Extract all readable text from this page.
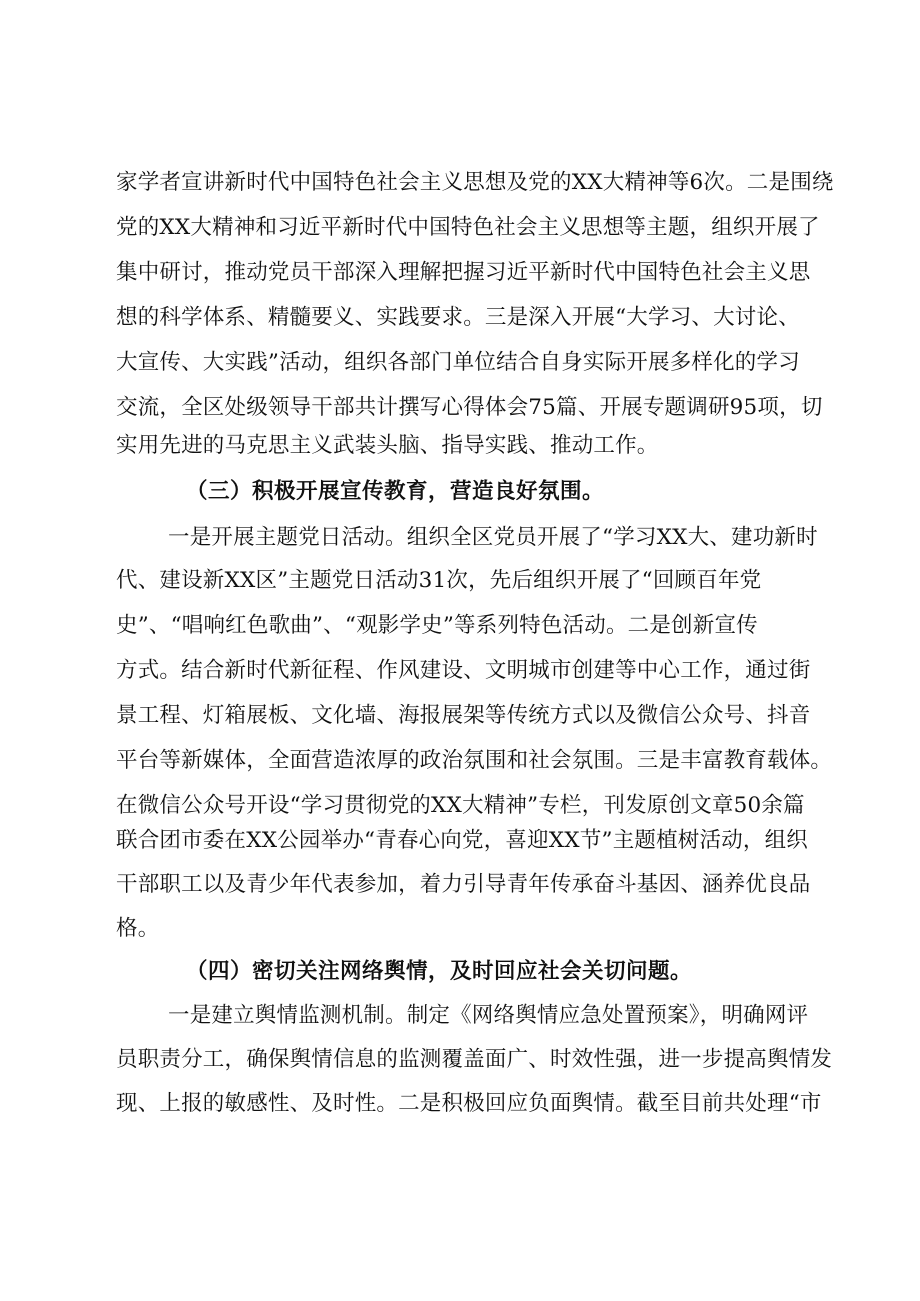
家学者宣讲新时代中国特色社会主义思想及党的XX大精神等6次。二是围绕
党的XX大精神和习近平新时代中国特色社会主义思想等主题，组织开展了
集中研讨，推动党员干部深入理解把握习近平新时代中国特色社会主义思
想的科学体系、精髓要义、实践要求。三是深入开展“大学习、大讨论、
大宣传、大实践”活动，组织各部门单位结合自身实际开展多样化的学习
交流，全区处级领导干部共计撰写心得体会75篇、开展专题调研95项，切
实用先进的马克思主义武装头脑、指导实践、推动工作。
（三）积极开展宣传教育，营造良好氛围。
一是开展主题党日活动。组织全区党员开展了“学习XX大、建功新时
代、建设新XX区”主题党日活动31次，先后组织开展了“回顾百年党
史”、“唱响红色歌曲”、“观影学史”等系列特色活动。二是创新宣传
方式。结合新时代新征程、作风建设、文明城市创建等中心工作，通过街
景工程、灯箱展板、文化墙、海报展架等传统方式以及微信公众号、抖音
平台等新媒体，全面营造浓厚的政治氛围和社会氛围。三是丰富教育载体。
在微信公众号开设“学习贯彻党的XX大精神”专栏，刊发原创文章50余篇
联合团市委在XX公园举办“青春心向党，喜迎XX节”主题植树活动，组织
干部职工以及青少年代表参加，着力引导青年传承奋斗基因、涵养优良品
格。
（四）密切关注网络舆情，及时回应社会关切问题。
一是建立舆情监测机制。制定《网络舆情应急处置预案》，明确网评
员职责分工，确保舆情信息的监测覆盖面广、时效性强，进一步提高舆情发
现、上报的敏感性、及时性。二是积极回应负面舆情。截至目前共处理“市
